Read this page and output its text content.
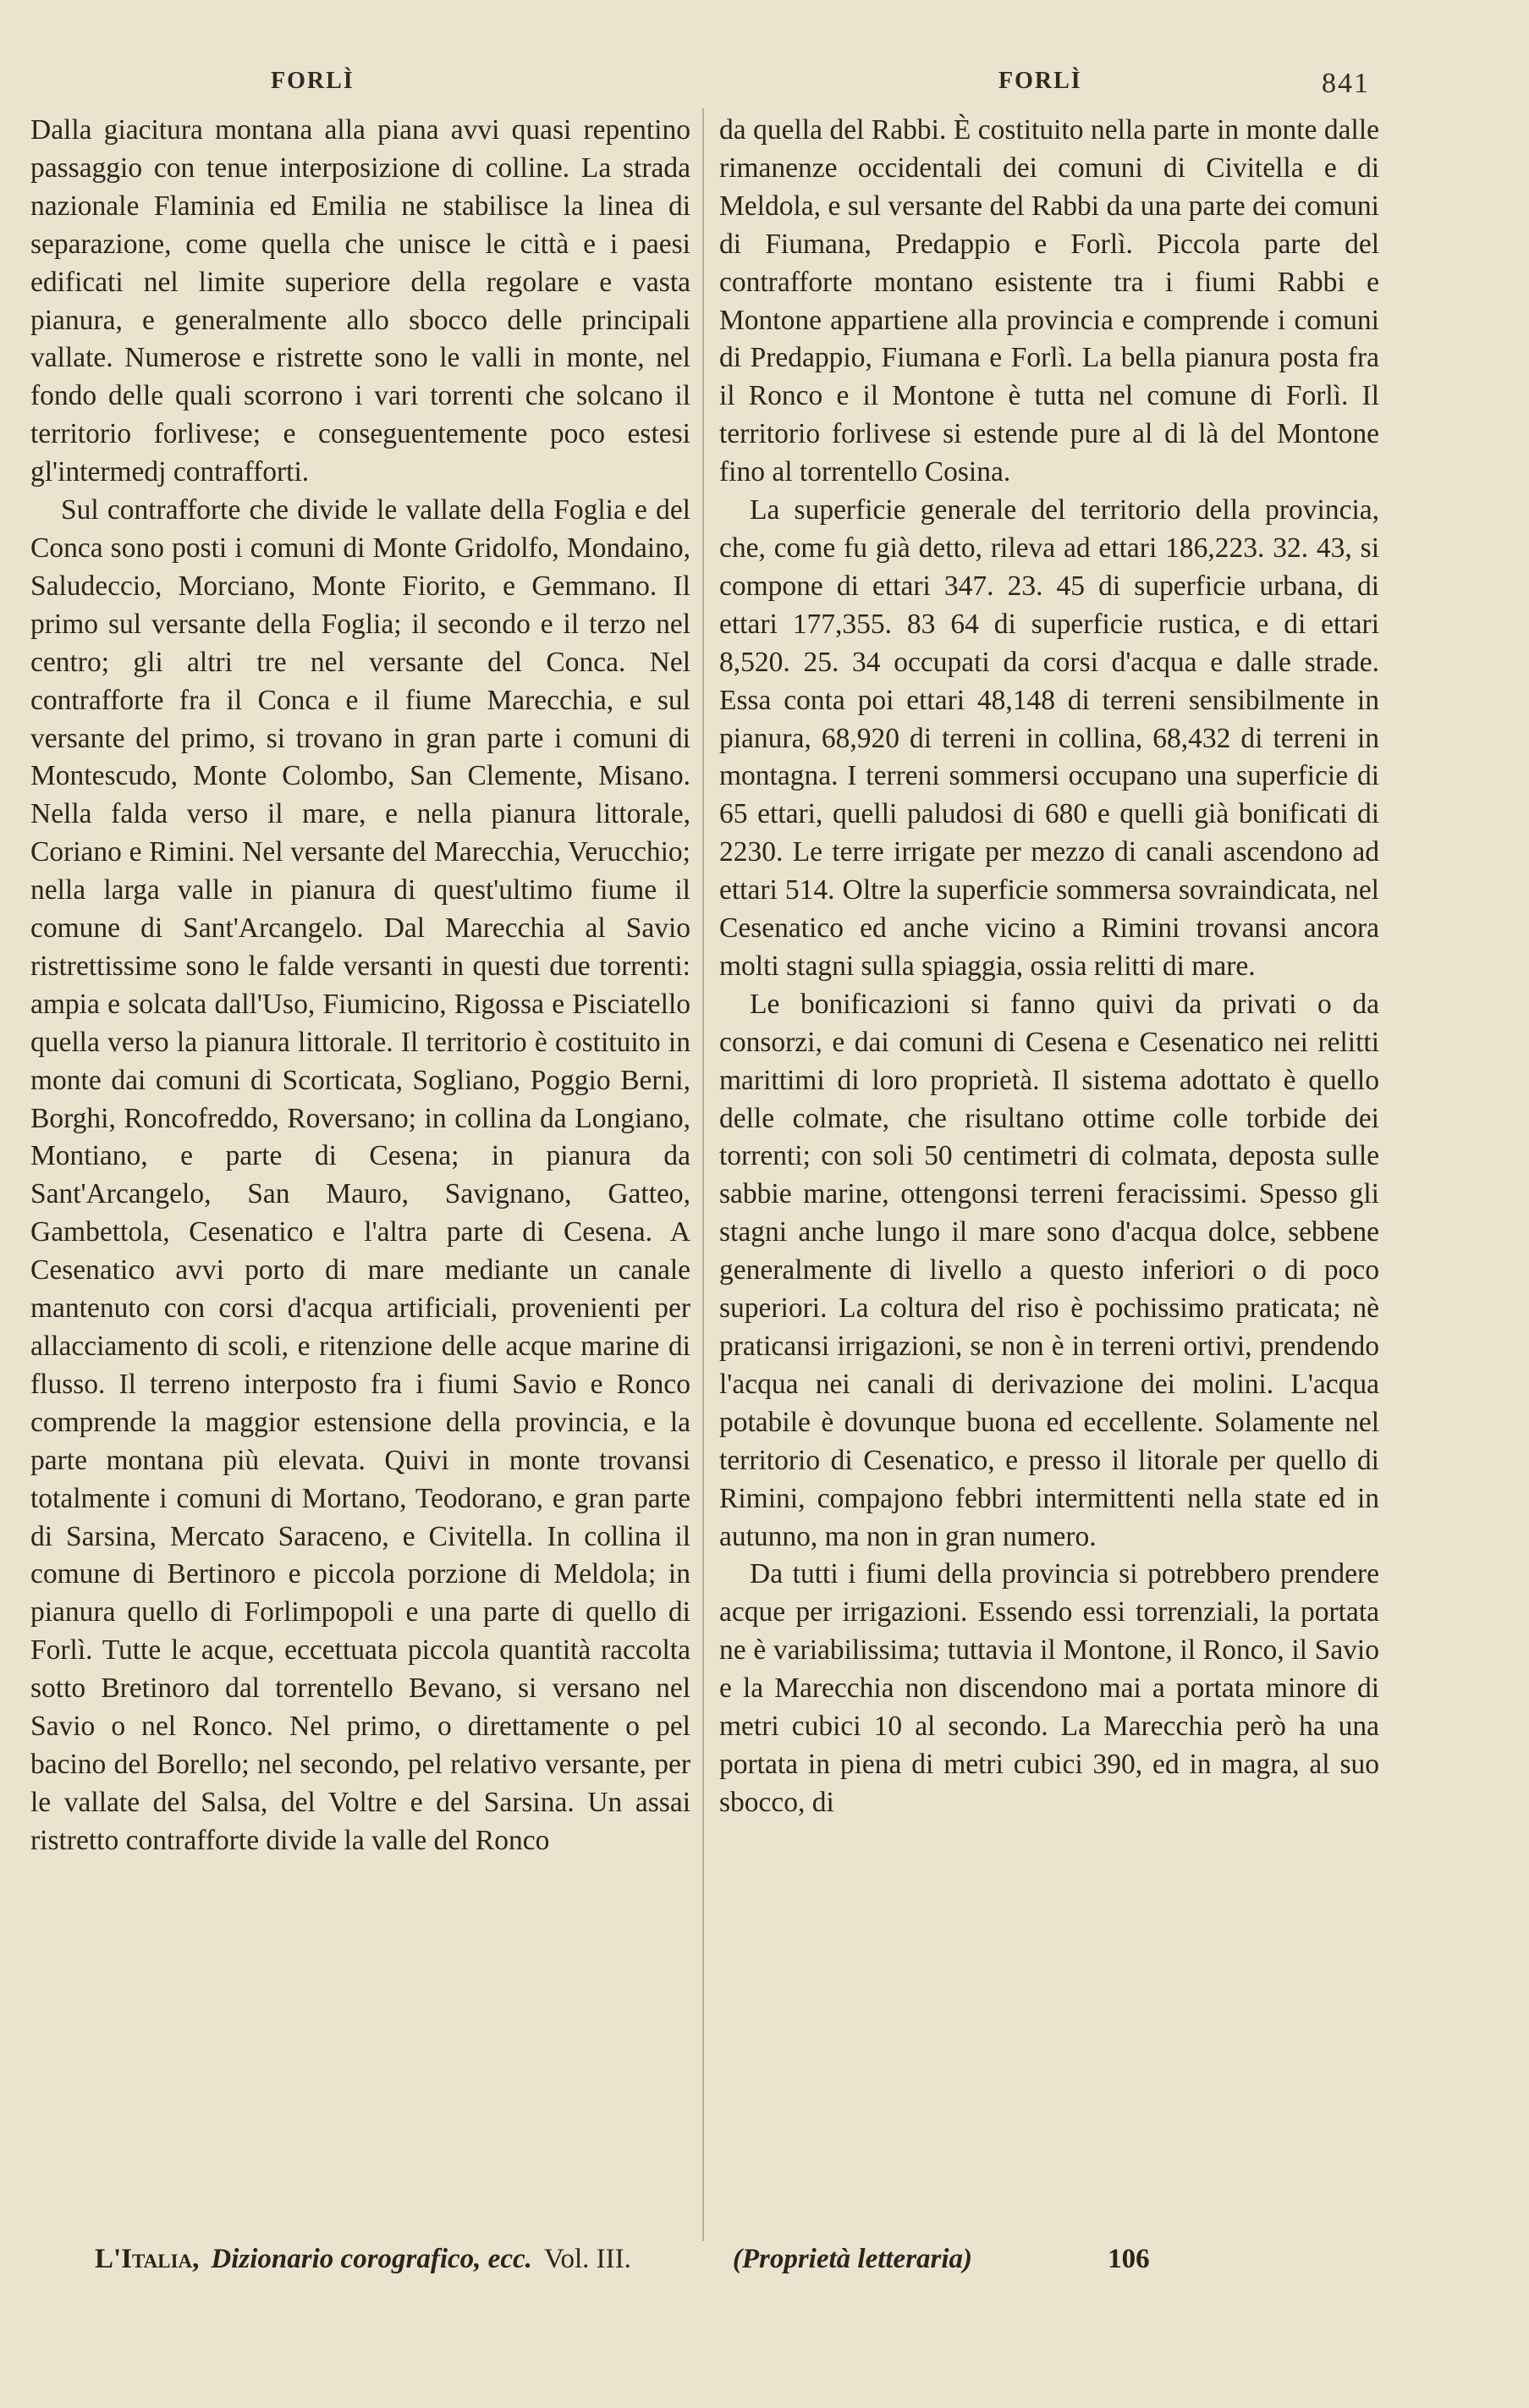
FORLÌ	FORLÌ	841

Dalla giacitura montana alla piana avvi quasi repentino passaggio con tenue interposizione di colline. La strada nazionale Flaminia ed Emilia ne stabilisce la linea di separazione, come quella che unisce le città e i paesi edificati nel limite superiore della regolare e vasta pianura, e generalmente allo sbocco delle principali vallate. Numerose e ristrette sono le valli in monte, nel fondo delle quali scorrono i vari torrenti che solcano il territorio forlivese; e conseguentemente poco estesi gl'intermedj contrafforti.

Sul contrafforte che divide le vallate della Foglia e del Conca sono posti i comuni di Monte Gridolfo, Mondaino, Saludeccio, Morciano, Monte Fiorito, e Gemmano. Il primo sul versante della Foglia; il secondo e il terzo nel centro; gli altri tre nel versante del Conca. Nel contrafforte fra il Conca e il fiume Marecchia, e sul versante del primo, si trovano in gran parte i comuni di Montescudo, Monte Colombo, San Clemente, Misano. Nella falda verso il mare, e nella pianura littorale, Coriano e Rimini. Nel versante del Marecchia, Verucchio; nella larga valle in pianura di quest'ultimo fiume il comune di Sant'Arcangelo. Dal Marecchia al Savio ristrettissime sono le falde versanti in questi due torrenti: ampia e solcata dall'Uso, Fiumicino, Rigossa e Pisciatello quella verso la pianura littorale. Il territorio è costituito in monte dai comuni di Scorticata, Sogliano, Poggio Berni, Borghi, Roncofreddo, Roversano; in collina da Longiano, Montiano, e parte di Cesena; in pianura da Sant'Arcangelo, San Mauro, Savignano, Gatteo, Gambettola, Cesenatico e l'altra parte di Cesena. A Cesenatico avvi porto di mare mediante un canale mantenuto con corsi d'acqua artificiali, provenienti per allacciamento di scoli, e ritenzione delle acque marine di flusso. Il terreno interposto fra i fiumi Savio e Ronco comprende la maggior estensione della provincia, e la parte montana più elevata. Quivi in monte trovansi totalmente i comuni di Mortano, Teodorano, e gran parte di Sarsina, Mercato Saraceno, e Civitella. In collina il comune di Bertinoro e piccola porzione di Meldola; in pianura quello di Forlimpopoli e una parte di quello di Forlì. Tutte le acque, eccettuata piccola quantità raccolta sotto Bretinoro dal torrentello Bevano, si versano nel Savio o nel Ronco. Nel primo, o direttamente o pel bacino del Borello; nel secondo, pel relativo versante, per le vallate del Salsa, del Voltre e del Sarsina. Un assai ristretto contrafforte divide la valle del Ronco

da quella del Rabbi. È costituito nella parte in monte dalle rimanenze occidentali dei comuni di Civitella e di Meldola, e sul versante del Rabbi da una parte dei comuni di Fiumana, Predappio e Forlì. Piccola parte del contrafforte montano esistente tra i fiumi Rabbi e Montone appartiene alla provincia e comprende i comuni di Predappio, Fiumana e Forlì. La bella pianura posta fra il Ronco e il Montone è tutta nel comune di Forlì. Il territorio forlivese si estende pure al di là del Montone fino al torrentello Cosina.

La superficie generale del territorio della provincia, che, come fu già detto, rileva ad ettari 186,223. 32. 43, si compone di ettari 347. 23. 45 di superficie urbana, di ettari 177,355. 83 64 di superficie rustica, e di ettari 8,520. 25. 34 occupati da corsi d'acqua e dalle strade. Essa conta poi ettari 48,148 di terreni sensibilmente in pianura, 68,920 di terreni in collina, 68,432 di terreni in montagna. I terreni sommersi occupano una superficie di 65 ettari, quelli paludosi di 680 e quelli già bonificati di 2230. Le terre irrigate per mezzo di canali ascendono ad ettari 514. Oltre la superficie sommersa sovraindicata, nel Cesenatico ed anche vicino a Rimini trovansi ancora molti stagni sulla spiaggia, ossia relitti di mare.

Le bonificazioni si fanno quivi da privati o da consorzi, e dai comuni di Cesena e Cesenatico nei relitti marittimi di loro proprietà. Il sistema adottato è quello delle colmate, che risultano ottime colle torbide dei torrenti; con soli 50 centimetri di colmata, deposta sulle sabbie marine, ottengonsi terreni feracissimi. Spesso gli stagni anche lungo il mare sono d'acqua dolce, sebbene generalmente di livello a questo inferiori o di poco superiori. La coltura del riso è pochissimo praticata; nè praticansi irrigazioni, se non è in terreni ortivi, prendendo l'acqua nei canali di derivazione dei molini. L'acqua potabile è dovunque buona ed eccellente. Solamente nel territorio di Cesenatico, e presso il litorale per quello di Rimini, compajono febbri intermittenti nella state ed in autunno, ma non in gran numero.

Da tutti i fiumi della provincia si potrebbero prendere acque per irrigazioni. Essendo essi torrenziali, la portata ne è variabilissima; tuttavia il Montone, il Ronco, il Savio e la Marecchia non discendono mai a portata minore di metri cubici 10 al secondo. La Marecchia però ha una portata in piena di metri cubici 390, ed in magra, al suo sbocco, di

L'Italia, Dizionario corografico, ecc. Vol. III.	(Proprietà letteraria)	106
